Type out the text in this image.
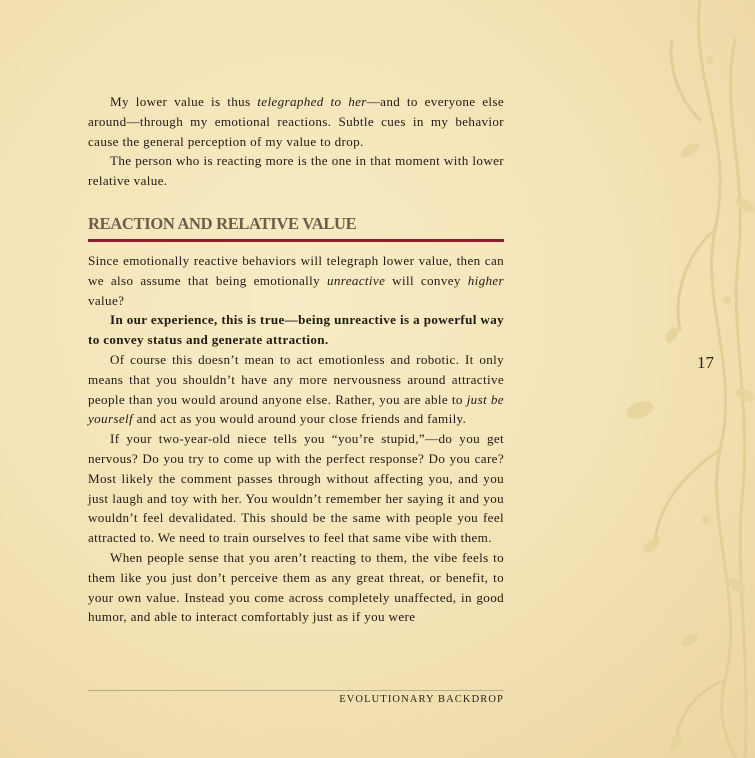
My lower value is thus telegraphed to her—and to everyone else around—through my emotional reactions. Subtle cues in my behavior cause the general perception of my value to drop.

The person who is reacting more is the one in that moment with lower relative value.

REACTION AND RELATIVE VALUE

Since emotionally reactive behaviors will telegraph lower value, then can we also assume that being emotionally unreactive will convey higher value?

In our experience, this is true—being unreactive is a powerful way to convey status and generate attraction.

Of course this doesn’t mean to act emotionless and robotic. It only means that you shouldn’t have any more nervousness around attractive people than you would around anyone else. Rather, you are able to just be yourself and act as you would around your close friends and family.

If your two-year-old niece tells you “you’re stupid,”—do you get nervous? Do you try to come up with the perfect response? Do you care? Most likely the comment passes through without affecting you, and you just laugh and toy with her. You wouldn’t remember her saying it and you wouldn’t feel devalidated. This should be the same with people you feel attracted to. We need to train ourselves to feel that same vibe with them.

When people sense that you aren’t reacting to them, the vibe feels to them like you just don’t perceive them as any great threat, or benefit, to your own value. Instead you come across completely unaffected, in good humor, and able to interact comfortably just as if you were

17
EVOLUTIONARY BACKDROP
